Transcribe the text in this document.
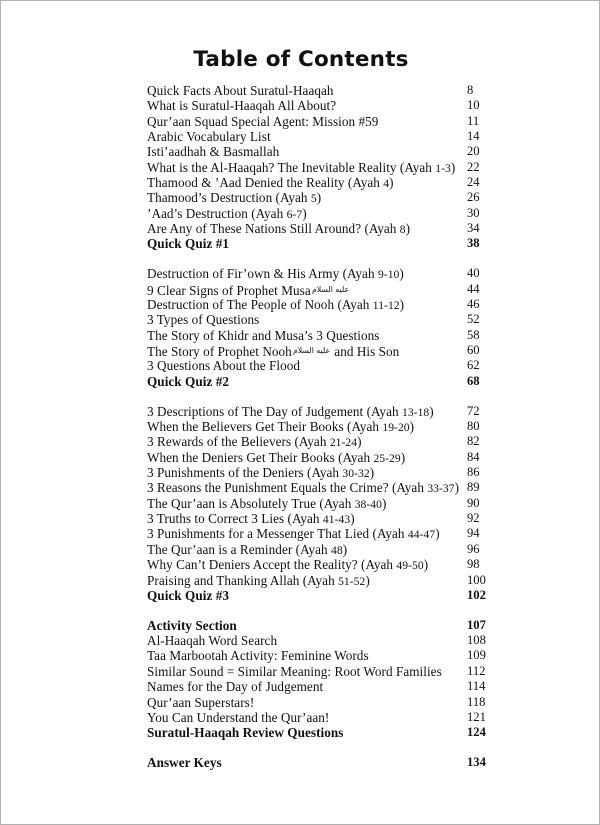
Table of Contents
Quick Facts About Suratul-Haaqah	8
What is Suratul-Haaqah All About?	10
Qur’aan Squad Special Agent: Mission #59	11
Arabic Vocabulary List	14
Isti’aadhah & Basmallah	20
What is the Al-Haaqah? The Inevitable Reality (Ayah 1-3) 22
Thamood & ’Aad Denied the Reality (Ayah 4)	24
Thamood’s Destruction (Ayah 5)	26
’Aad’s Destruction (Ayah 6-7)	30
Are Any of These Nations Still Around? (Ayah 8)	34
Quick Quiz #1	38
Destruction of Fir’own & His Army (Ayah 9-10)	40
9 Clear Signs of Prophet Musaعليه السلام	44
Destruction of The People of Nooh (Ayah 11-12)	46
3 Types of Questions	52
The Story of Khidr and Musa’s 3 Questions	58
The Story of Prophet Noohعليه السلام and His Son	60
3 Questions About the Flood	62
Quick Quiz #2	68
3 Descriptions of The Day of Judgement (Ayah 13-18)	72
When the Believers Get Their Books (Ayah 19-20)	80
3 Rewards of the Believers (Ayah 21-24)	82
When the Deniers Get Their Books (Ayah 25-29)	84
3 Punishments of the Deniers (Ayah 30-32)	86
3 Reasons the Punishment Equals the Crime? (Ayah 33-37) 89
The Qur’aan is Absolutely True (Ayah 38-40)	90
3 Truths to Correct 3 Lies (Ayah 41-43)	92
3 Punishments for a Messenger That Lied (Ayah 44-47) 94
The Qur’aan is a Reminder (Ayah 48)	96
Why Can’t Deniers Accept the Reality? (Ayah 49-50)	98
Praising and Thanking Allah (Ayah 51-52)	100
Quick Quiz #3	102
Activity Section	107
Al-Haaqah Word Search	108
Taa Marbootah Activity: Feminine Words	109
Similar Sound = Similar Meaning: Root Word Families 112
Names for the Day of Judgement	114
Qur’aan Superstars!	118
You Can Understand the Qur’aan!	121
Suratul-Haaqah Review Questions	124
Answer Keys	134
